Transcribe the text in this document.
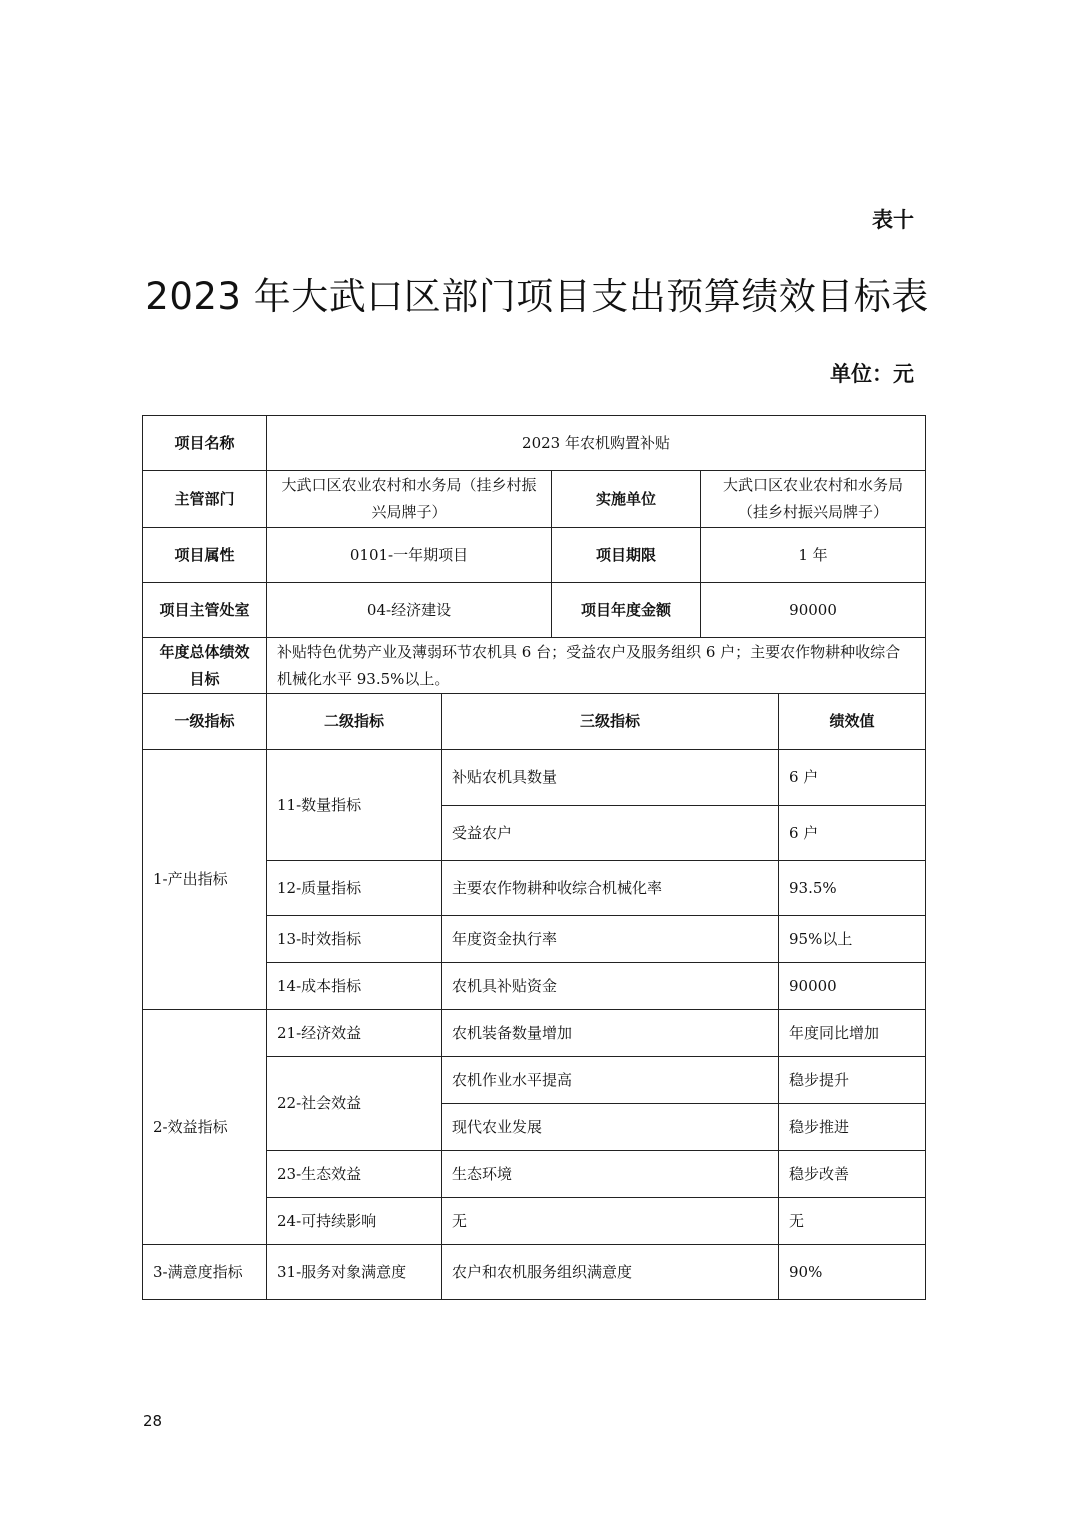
表十
2023 年大武口区部门项目支出预算绩效目标表
单位：元
项目名称	2023 年农机购置补贴				
主管部门	大武口区农业农村和水务局（挂乡村振兴局牌子）		实施单位	大武口区农业农村和水务局（挂乡村振兴局牌子）	
项目属性	0101-一年期项目		项目期限	1 年	
项目主管处室	04-经济建设		项目年度金额	90000	
年度总体绩效目标	补贴特色优势产业及薄弱环节农机具 6 台；受益农户及服务组织 6 户；主要农作物耕种收综合机械化水平 93.5%以上。				
一级指标	二级指标	三级指标			绩效值
1-产出指标	11-数量指标	补贴农机具数量			6 户
		受益农户			6 户
	12-质量指标	主要农作物耕种收综合机械化率			93.5%
	13-时效指标	年度资金执行率			95%以上
	14-成本指标	农机具补贴资金			90000

2-效益指标	21-经济效益	农机装备数量增加			年度同比增加
	22-社会效益	农机作业水平提高			稳步提升
		现代农业发展			稳步推进
	23-生态效益	生态环境			稳步改善
	24-可持续影响	无			无
3-满意度指标	31-服务对象满意度	农户和农机服务组织满意度			90%
28
